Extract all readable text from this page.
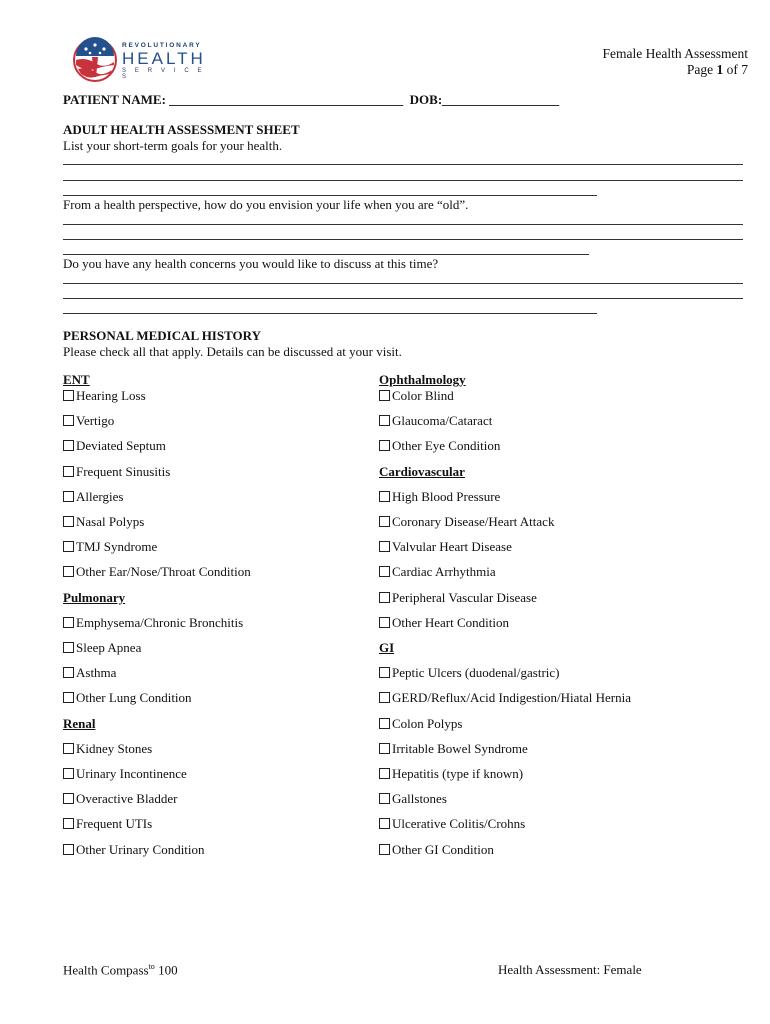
REVOLUTIONARY
HEALTH
S E R V I C E S
Female Health Assessment
Page 1 of 7
PATIENT NAME: ____________________________________ DOB:__________________
ADULT HEALTH ASSESSMENT SHEET
List your short-term goals for your health.
From a health perspective, how do you envision your life when you are “old”.
Do you have any health concerns you would like to discuss at this time?
PERSONAL MEDICAL HISTORY
Please check all that apply. Details can be discussed at your visit.
ENT
Hearing Loss
Vertigo
Deviated Septum
Frequent Sinusitis
Allergies
Nasal Polyps
TMJ Syndrome
Other Ear/Nose/Throat Condition
Pulmonary
Emphysema/Chronic Bronchitis
Sleep Apnea
Asthma
Other Lung Condition
Renal
Kidney Stones
Urinary Incontinence
Overactive Bladder
Frequent UTIs
Other Urinary Condition
Ophthalmology
Color Blind
Glaucoma/Cataract
Other Eye Condition
Cardiovascular
High Blood Pressure
Coronary Disease/Heart Attack
Valvular Heart Disease
Cardiac Arrhythmia
Peripheral Vascular Disease
Other Heart Condition
GI
Peptic Ulcers (duodenal/gastric)
GERD/Reflux/Acid Indigestion/Hiatal Hernia
Colon Polyps
Irritable Bowel Syndrome
Hepatitis (type if known)
Gallstones
Ulcerative Colitis/Crohns
Other GI Condition
Health Compass$^{to}$ 100	Health Assessment: Female
